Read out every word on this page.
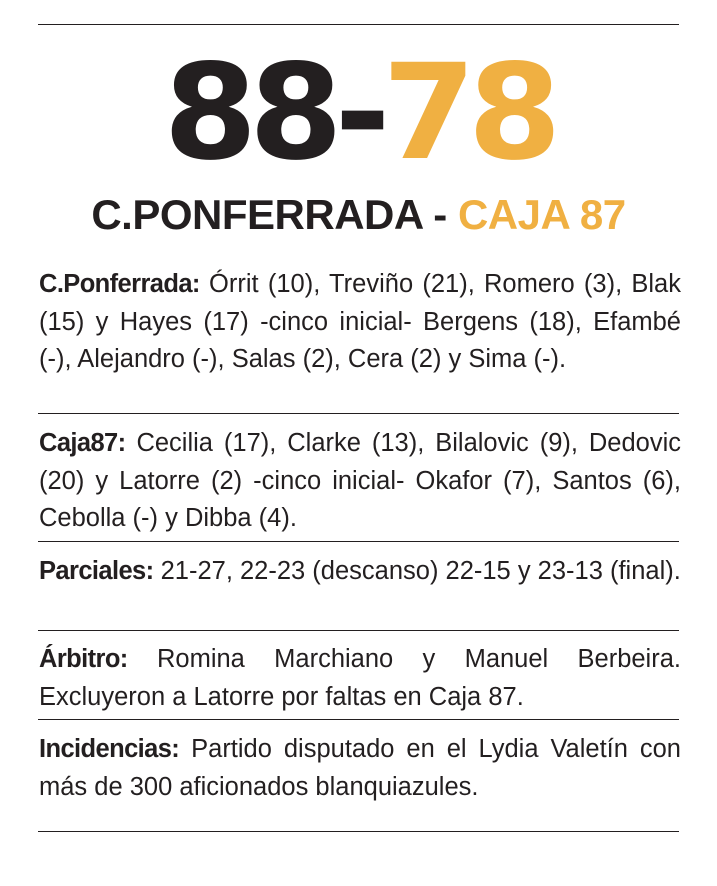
88-78
C.PONFERRADA - CAJA 87

C.Ponferrada: Órrit (10), Treviño (21), Romero (3), Blak (15) y Hayes (17) -cinco inicial- Bergens (18), Efambé (-), Alejandro (-), Salas (2), Cera (2) y Sima (-).

Caja87: Cecilia (17), Clarke (13), Bilalovic (9), Dedovic (20) y Latorre (2) -cinco inicial- Okafor (7), Santos (6), Cebolla (-) y Dibba (4).

Parciales: 21-27, 22-23 (descanso) 22-15 y 23-13 (final).

Árbitro: Romina Marchiano y Manuel Berbeira. Excluyeron a Latorre por faltas en Caja 87.

Incidencias: Partido disputado en el Lydia Valetín con más de 300 aficionados blanquiazules.
